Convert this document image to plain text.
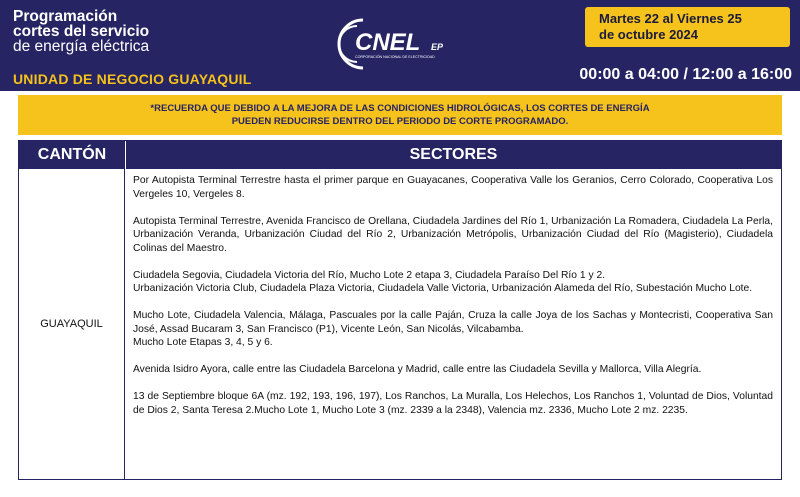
Programación
cortes del servicio
de energía eléctrica
UNIDAD DE NEGOCIO GUAYAQUIL
CNEL EP
CORPORACIÓN NACIONAL DE ELECTRICIDAD
Martes 22 al Viernes 25
de octubre 2024
00:00 a 04:00 / 12:00 a 16:00
*RECUERDA QUE DEBIDO A LA MEJORA DE LAS CONDICIONES HIDROLÓGICAS, LOS CORTES DE ENERGÍA
PUEDEN REDUCIRSE DENTRO DEL PERIODO DE CORTE PROGRAMADO.
CANTÓN	SECTORES
GUAYAQUIL

Por Autopista Terminal Terrestre hasta el primer parque en Guayacanes, Cooperativa Valle los Geranios, Cerro Colorado, Cooperativa Los Vergeles 10, Vergeles 8.

Autopista Terminal Terrestre, Avenida Francisco de Orellana, Ciudadela Jardines del Río 1, Urbanización La Romadera, Ciudadela La Perla, Urbanización Veranda, Urbanización Ciudad del Río 2, Urbanización Metrópolis, Urbanización Ciudad del Río (Magisterio), Ciudadela Colinas del Maestro.

Ciudadela Segovia, Ciudadela Victoria del Río, Mucho Lote 2 etapa 3, Ciudadela Paraíso Del Río 1 y 2.

Urbanización Victoria Club, Ciudadela Plaza Victoria, Ciudadela Valle Victoria, Urbanización Alameda del Río, Subestación Mucho Lote.

Mucho Lote, Ciudadela Valencia, Málaga, Pascuales por la calle Paján, Cruza la calle Joya de los Sachas y Montecristi, Cooperativa San José, Assad Bucaram 3, San Francisco (P1), Vicente León, San Nicolás, Vilcabamba.

Mucho Lote Etapas 3, 4, 5 y 6.

Avenida Isidro Ayora, calle entre las Ciudadela Barcelona y Madrid, calle entre las Ciudadela Sevilla y Mallorca, Villa Alegría.

13 de Septiembre bloque 6A (mz. 192, 193, 196, 197), Los Ranchos, La Muralla, Los Helechos, Los Ranchos 1, Voluntad de Dios, Voluntad de Dios 2, Santa Teresa 2.Mucho Lote 1, Mucho Lote 3 (mz. 2339 a la 2348), Valencia mz. 2336, Mucho Lote 2 mz. 2235.
